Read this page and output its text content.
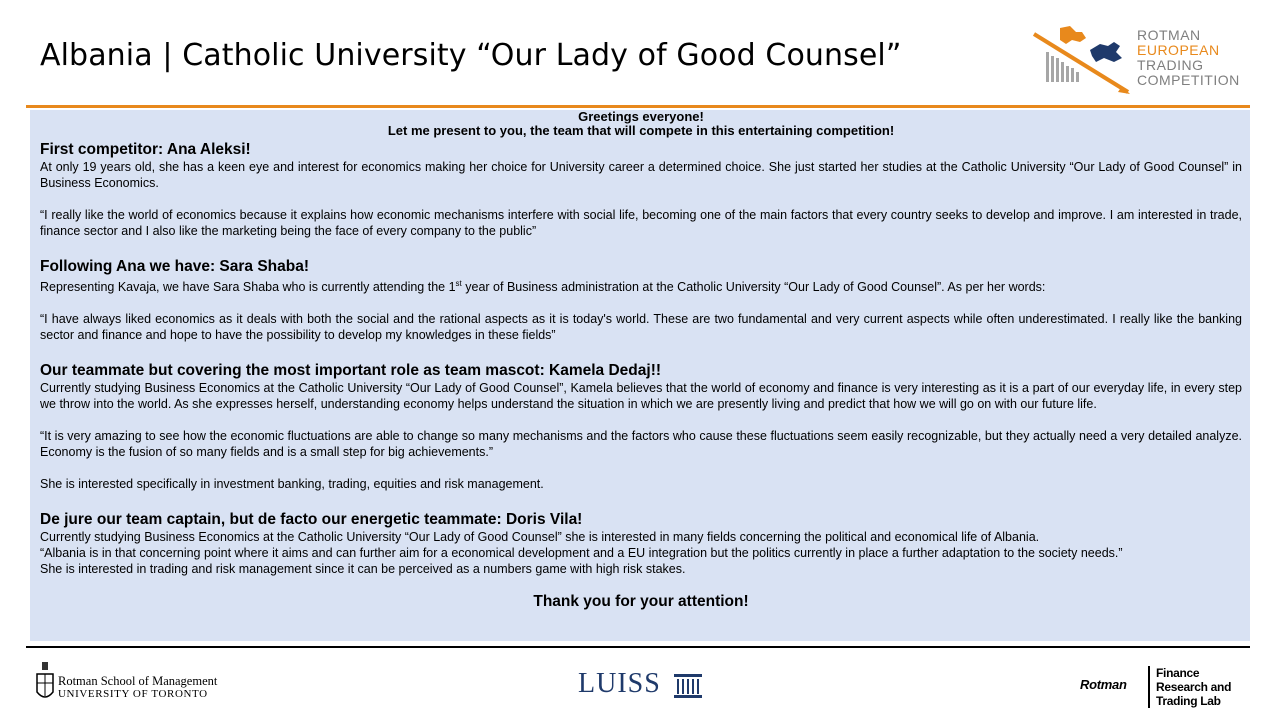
Albania | Catholic University “Our Lady of Good Counsel”
ROTMAN
EUROPEAN
TRADING
COMPETITION
Greetings everyone!
Let me present to you, the team that will compete in this entertaining competition!
First competitor: Ana Aleksi!
At only 19 years old, she has a keen eye and interest for economics making her choice for University career a determined choice. She just started her studies at the Catholic University “Our Lady of Good Counsel” in Business Economics.
“I really like the world of economics because it explains how economic mechanisms interfere with social life, becoming one of the main factors that every country seeks to develop and improve. I am interested in trade, finance sector and I also like the marketing being the face of every company to the public”
Following Ana we have: Sara Shaba!
Representing Kavaja, we have Sara Shaba who is currently attending the 1st year of Business administration at the Catholic University “Our Lady of Good Counsel”. As per her words:
“I have always liked economics as it deals with both the social and the rational aspects as it is today's world. These are two fundamental and very current aspects while often underestimated. I really like the banking sector and finance and hope to have the possibility to develop my knowledges in these fields”
Our teammate but covering the most important role as team mascot: Kamela Dedaj!!
Currently studying Business Economics at the Catholic University “Our Lady of Good Counsel”, Kamela believes that the world of economy and finance is very interesting as it is a part of our everyday life, in every step we throw into the world. As she expresses herself, understanding economy helps understand the situation in which we are presently living and predict that how we will go on with our future life.
“It is very amazing to see how the economic fluctuations are able to change so many mechanisms and the factors who cause these fluctuations seem easily recognizable, but they actually need a very detailed analyze. Economy is the fusion of so many fields and is a small step for big achievements.”
She is interested specifically in investment banking, trading, equities and risk management.
De jure our team captain, but de facto our energetic teammate: Doris Vila!
Currently studying Business Economics at the Catholic University “Our Lady of Good Counsel” she is interested in many fields concerning the political and economical life of Albania.
“Albania is in that concerning point where it aims and can further aim for a economical development and a EU integration but the politics currently in place a further adaptation to the society needs.”
She is interested in trading and risk management since it can be perceived as a numbers game with high risk stakes.
Thank you for your attention!
Rotman School of Management
UNIVERSITY OF TORONTO	LUISS	Rotman
Finance
Research and
Trading Lab
